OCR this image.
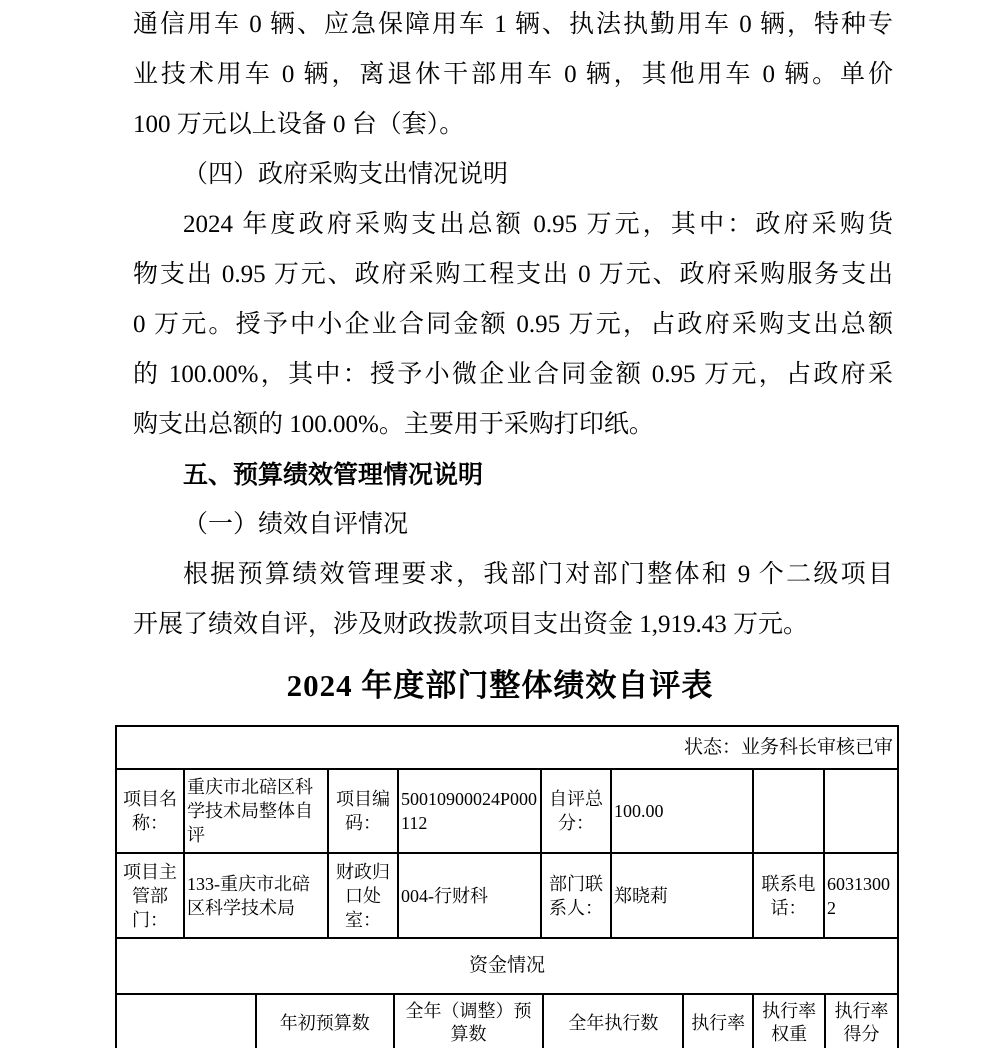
通信用车 0 辆、应急保障用车 1 辆、执法执勤用车 0 辆，特种专
业技术用车 0 辆，离退休干部用车 0 辆，其他用车 0 辆。单价
100 万元以上设备 0 台（套）。
（四）政府采购支出情况说明
2024 年度政府采购支出总额 0.95 万元，其中：政府采购货
物支出 0.95 万元、政府采购工程支出 0 万元、政府采购服务支出
0 万元。授予中小企业合同金额 0.95 万元，占政府采购支出总额
的 100.00%，其中：授予小微企业合同金额 0.95 万元，占政府采
购支出总额的 100.00%。主要用于采购打印纸。
五、预算绩效管理情况说明
（一）绩效自评情况
根据预算绩效管理要求，我部门对部门整体和 9 个二级项目
开展了绩效自评，涉及财政拨款项目支出资金 1,919.43 万元。
2024 年度部门整体绩效自评表
状态：业务科长审核已审
项目名称：
重庆市北碚区科学技术局整体自评
项目编码：
50010900024P000112
自评总分：
100.00
项目主管部门：
133-重庆市北碚区科学技术局
财政归口处室：
004-行财科
部门联系人：
郑晓莉
联系电话：
60313002
资金情况
年初预算数
全年（调整）预算数
全年执行数	执行率
执行率权重
执行率得分
